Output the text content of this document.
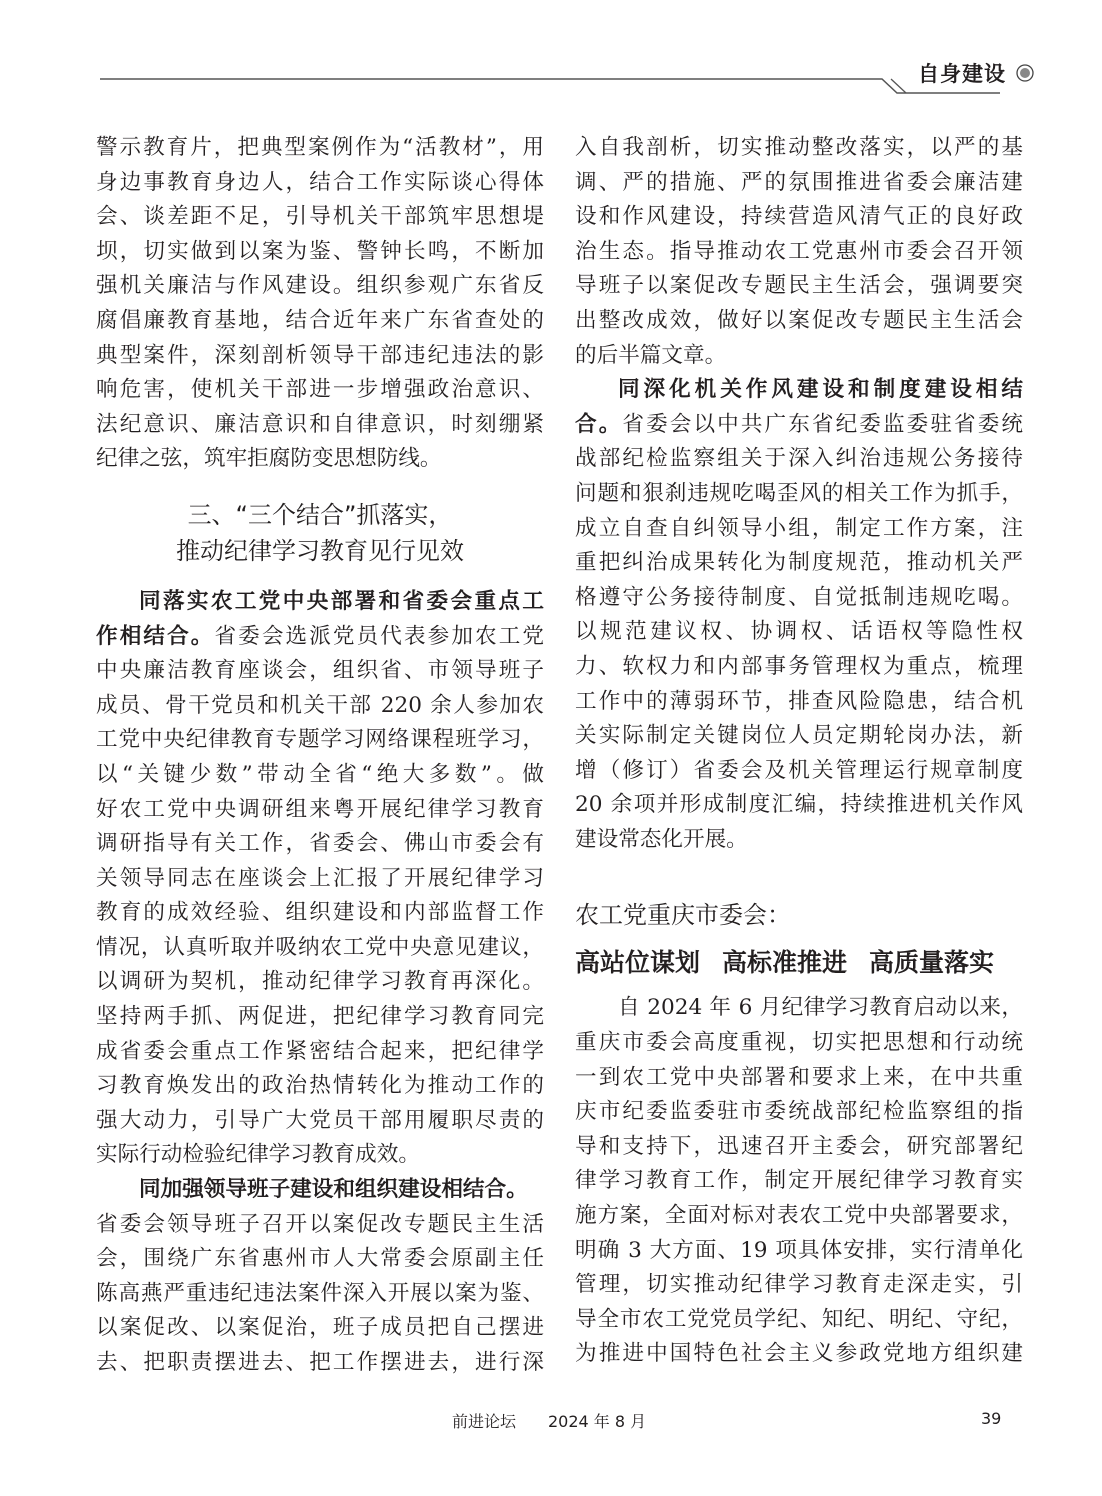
自身建设
警示教育片，把典型案例作为“活教材”，用
身边事教育身边人，结合工作实际谈心得体
会、谈差距不足，引导机关干部筑牢思想堤
坝，切实做到以案为鉴、警钟长鸣，不断加
强机关廉洁与作风建设。组织参观广东省反
腐倡廉教育基地，结合近年来广东省查处的
典型案件，深刻剖析领导干部违纪违法的影
响危害，使机关干部进一步增强政治意识、
法纪意识、廉洁意识和自律意识，时刻绷紧
纪律之弦，筑牢拒腐防变思想防线。
三、“三个结合”抓落实，
推动纪律学习教育见行见效
同落实农工党中央部署和省委会重点工
作相结合。省委会选派党员代表参加农工党
中央廉洁教育座谈会，组织省、市领导班子
成员、骨干党员和机关干部 220 余人参加农
工党中央纪律教育专题学习网络课程班学习，
以“关键少数”带动全省“绝大多数”。做
好农工党中央调研组来粤开展纪律学习教育
调研指导有关工作，省委会、佛山市委会有
关领导同志在座谈会上汇报了开展纪律学习
教育的成效经验、组织建设和内部监督工作
情况，认真听取并吸纳农工党中央意见建议，
以调研为契机，推动纪律学习教育再深化。
坚持两手抓、两促进，把纪律学习教育同完
成省委会重点工作紧密结合起来，把纪律学
习教育焕发出的政治热情转化为推动工作的
强大动力，引导广大党员干部用履职尽责的
实际行动检验纪律学习教育成效。
同加强领导班子建设和组织建设相结合。
省委会领导班子召开以案促改专题民主生活
会，围绕广东省惠州市人大常委会原副主任
陈高燕严重违纪违法案件深入开展以案为鉴、
以案促改、以案促治，班子成员把自己摆进
去、把职责摆进去、把工作摆进去，进行深
入自我剖析，切实推动整改落实，以严的基
调、严的措施、严的氛围推进省委会廉洁建
设和作风建设，持续营造风清气正的良好政
治生态。指导推动农工党惠州市委会召开领
导班子以案促改专题民主生活会，强调要突
出整改成效，做好以案促改专题民主生活会
的后半篇文章。
同深化机关作风建设和制度建设相结
合。省委会以中共广东省纪委监委驻省委统
战部纪检监察组关于深入纠治违规公务接待
问题和狠刹违规吃喝歪风的相关工作为抓手，
成立自查自纠领导小组，制定工作方案，注
重把纠治成果转化为制度规范，推动机关严
格遵守公务接待制度、自觉抵制违规吃喝。
以规范建议权、协调权、话语权等隐性权
力、软权力和内部事务管理权为重点，梳理
工作中的薄弱环节，排查风险隐患，结合机
关实际制定关键岗位人员定期轮岗办法，新
增（修订）省委会及机关管理运行规章制度
20 余项并形成制度汇编，持续推进机关作风
建设常态化开展。
农工党重庆市委会：
高站位谋划 高标准推进 高质量落实
自 2024 年 6 月纪律学习教育启动以来，
重庆市委会高度重视，切实把思想和行动统
一到农工党中央部署和要求上来，在中共重
庆市纪委监委驻市委统战部纪检监察组的指
导和支持下，迅速召开主委会，研究部署纪
律学习教育工作，制定开展纪律学习教育实
施方案，全面对标对表农工党中央部署要求，
明确 3 大方面、19 项具体安排，实行清单化
管理，切实推动纪律学习教育走深走实，引
导全市农工党党员学纪、知纪、明纪、守纪，
为推进中国特色社会主义参政党地方组织建
前进论坛 2024 年 8 月	39
